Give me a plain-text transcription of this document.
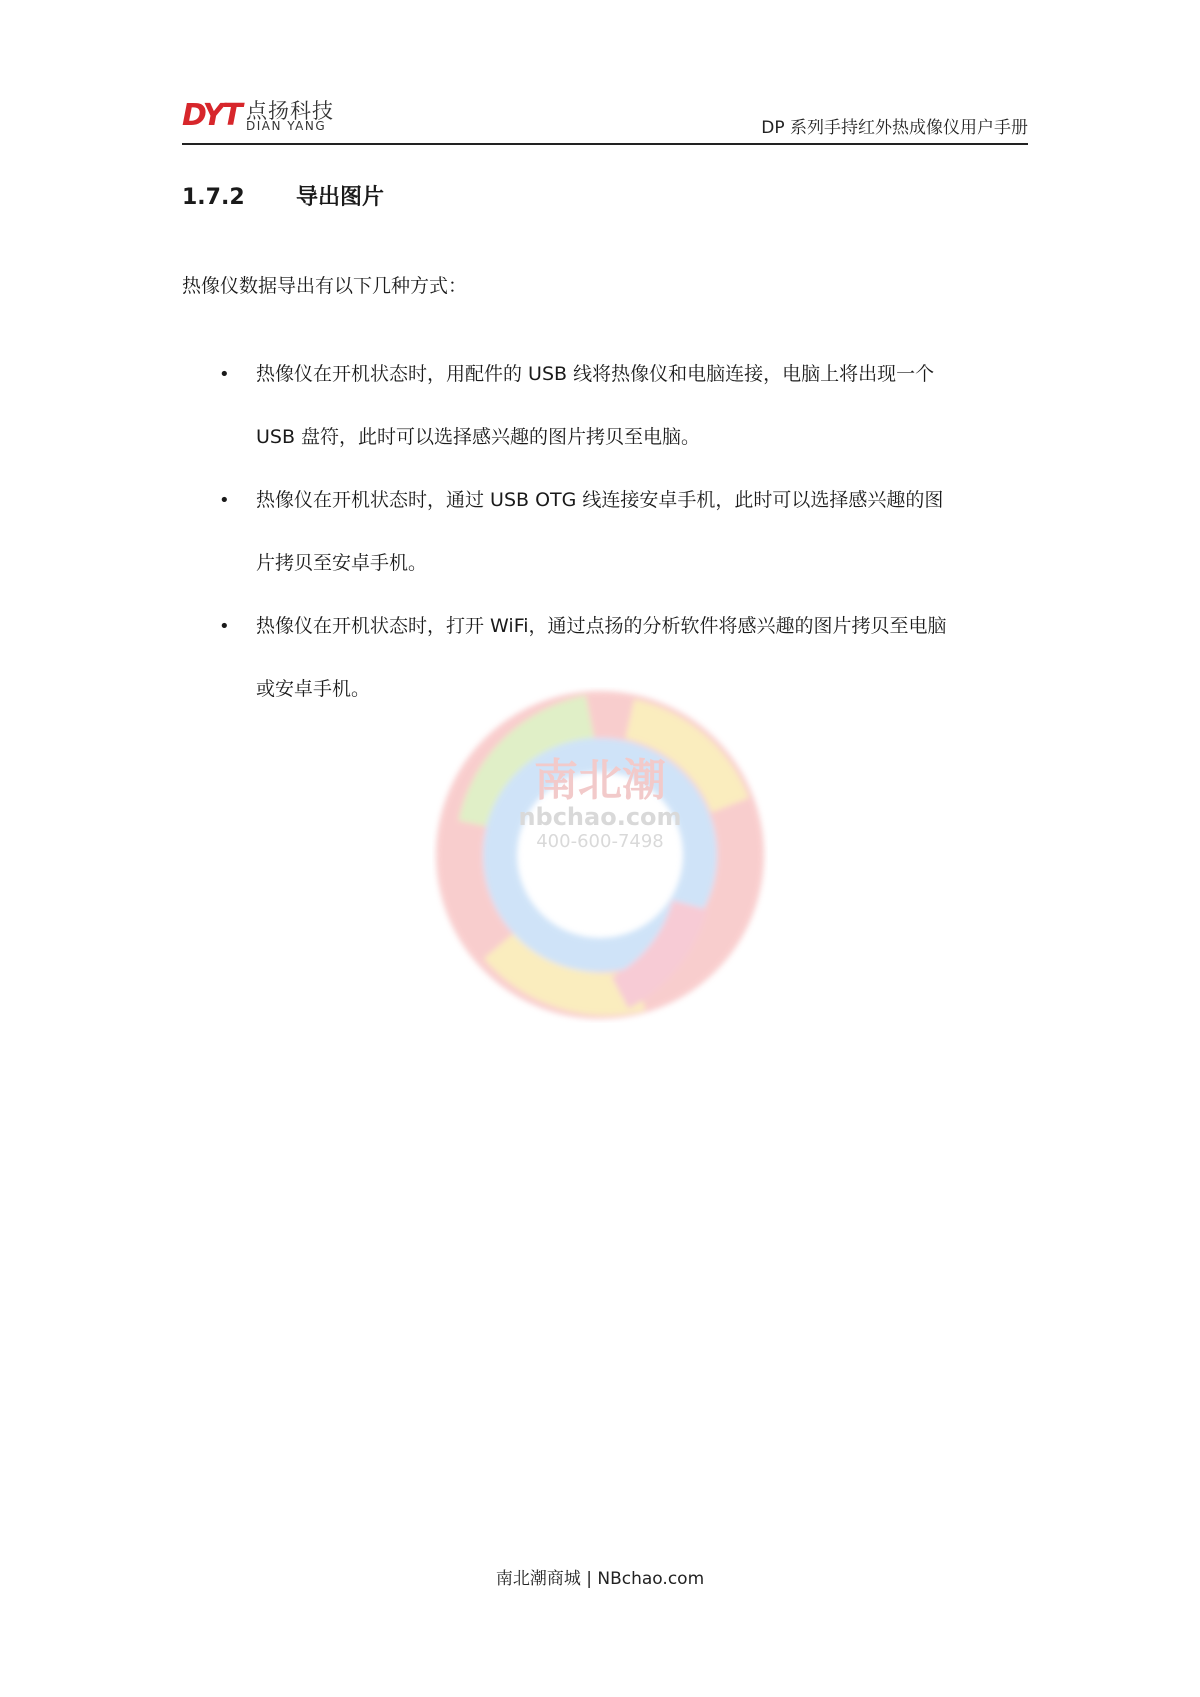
DYT 点扬科技
DIAN YANG	DP 系列手持红外热成像仪用户手册
1.7.2 导出图片
热像仪数据导出有以下几种方式：
• 热像仪在开机状态时，用配件的 USB 线将热像仪和电脑连接，电脑上将出现一个
USB 盘符，此时可以选择感兴趣的图片拷贝至电脑。
• 热像仪在开机状态时，通过 USB OTG 线连接安卓手机，此时可以选择感兴趣的图
片拷贝至安卓手机。
• 热像仪在开机状态时，打开 WiFi，通过点扬的分析软件将感兴趣的图片拷贝至电脑
或安卓手机。
南北潮
nbchao.com
400-600-7498
南北潮商城 | NBchao.com
